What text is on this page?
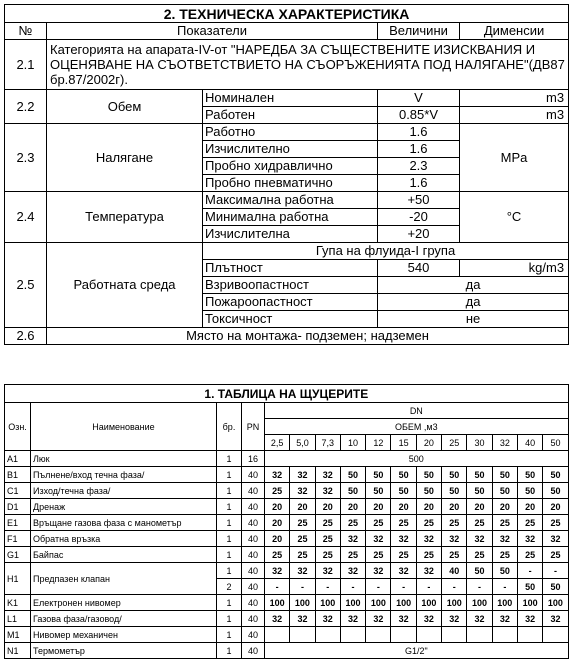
2. ТЕХНИЧЕСКА ХАРАКТЕРИСТИКА				
№	Показатели		Величини	Дименсии
2.1	Категорията на апарата-IV-от "НАРЕДБА ЗА СЪЩЕСТВЕНИТЕ ИЗИСКВАНИЯ И ОЦЕНЯВАНЕ НА СЪОТВЕТСТВИЕТО НА СЪОРЪЖЕНИЯТА ПОД НАЛЯГАНЕ"(ДВ87 бр.87/2002г).			
2.2	Обем	Номинален	V	m3
		Работен	0.85*V	m3
2.3	Налягане	Работно	1.6	MPa
		Изчислително	1.6	
		Пробно хидравлично	2.3	
		Пробно пневматично	1.6	
2.4	Температура	Максимална работна	+50	°C
		Минимална работна	-20	
		Изчислителна	+20	
2.5	Работната среда	Гупа на флуида-I група		
		Плътност	540	kg/m3
		Взривоопастност	да	
		Пожароопастност	да	
		Токсичност	не	
2.6	Място на монтажа- подземен; надземен			
1. ТАБЛИЦА НА ЩУЦЕРИТЕ															
Озн.	Наименование	бр.	PN	DN											
				ОБЕМ ,м3											
				2,5	5,0	7,3	10	12	15	20	25	30	32	40	50
A1	Люк	1	16	500											
B1	Пълнене/вход течна фаза/	1	40	32	32	32	50	50	50	50	50	50	50	50	50
C1	Изход/течна фаза/	1	40	25	32	32	50	50	50	50	50	50	50	50	50
D1	Дренаж	1	40	20	20	20	20	20	20	20	20	20	20	20	20
E1	Връщане газова фаза с манометър	1	40	20	25	25	25	25	25	25	25	25	25	25	25
F1	Обратна връзка	1	40	20	25	25	32	32	32	32	32	32	32	32	32
G1	Байпас	1	40	25	25	25	25	25	25	25	25	25	25	25	25
H1	Предпазен клапан	1	40	32	32	32	32	32	32	32	40	50	50	-	-
		2	40	-	-	-	-	-	-	-	-	-	-	50	50
K1	Електронен нивомер	1	40	100	100	100	100	100	100	100	100	100	100	100	100
L1	Газова фаза/газовод/	1	40	32	32	32	32	32	32	32	32	32	32	32	32
M1	Нивомер механичен	1	40												
N1	Термометър	1	40	G1/2"											
